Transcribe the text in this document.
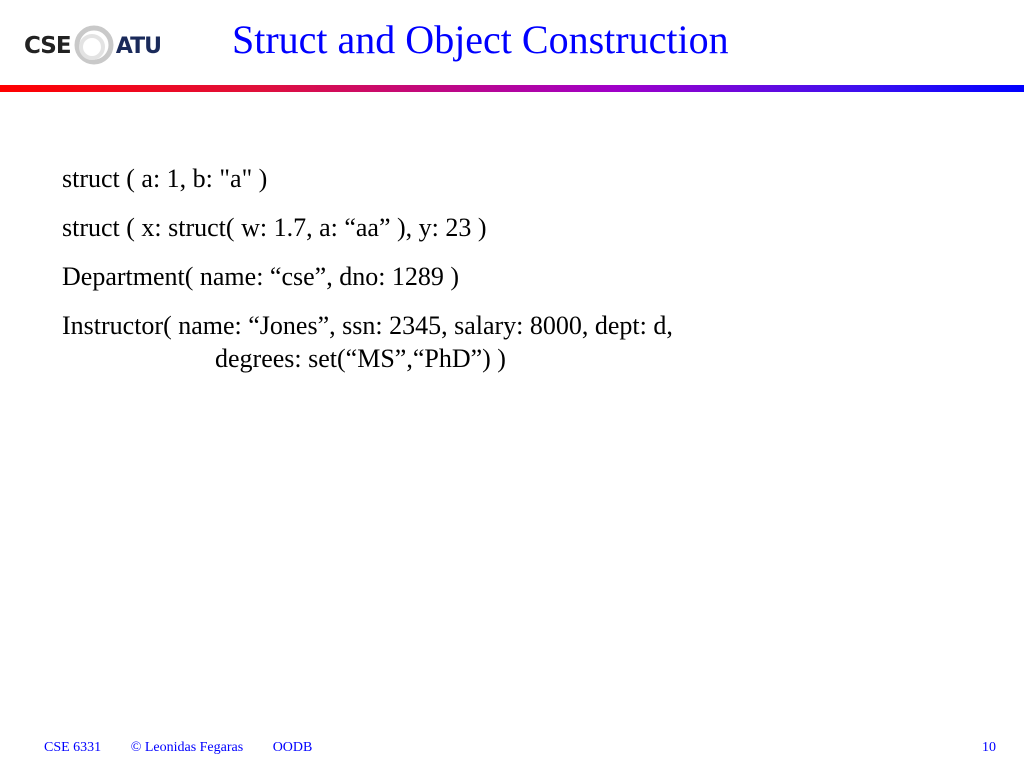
CSE UTA Struct and Object Construction
struct ( a: 1, b: "a" )
struct ( x: struct( w: 1.7, a: “aa” ), y: 23 )
Department( name: “cse”, dno: 1289 )
Instructor( name: “Jones”, ssn: 2345, salary: 8000, dept: d,
degrees: set(“MS”,“PhD”) )
CSE 6331 © Leonidas Fegaras OODB	10
